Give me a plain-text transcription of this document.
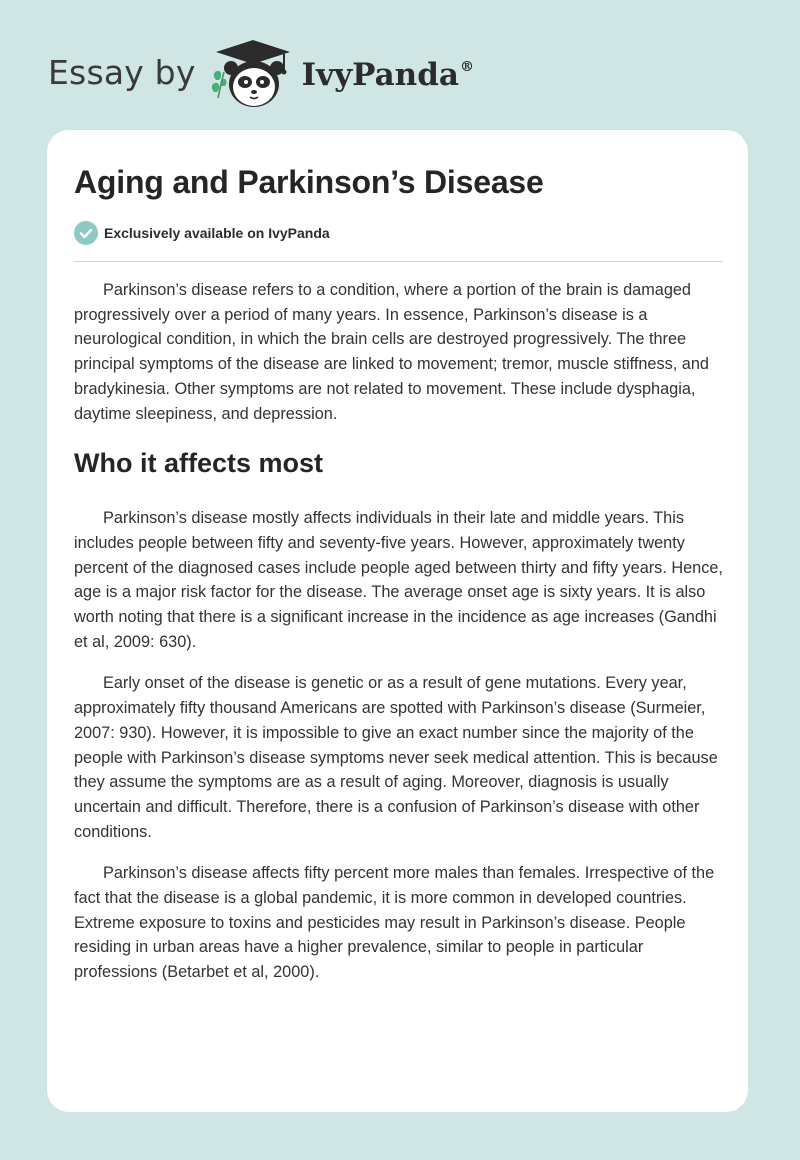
Essay by	IvyPanda®
Aging and Parkinson’s Disease
Exclusively available on IvyPanda

Parkinson’s disease refers to a condition, where a portion of the brain is damaged progressively over a period of many years. In essence, Parkinson’s disease is a neurological condition, in which the brain cells are destroyed progressively. The three principal symptoms of the disease are linked to movement; tremor, muscle stiffness, and bradykinesia. Other symptoms are not related to movement. These include dysphagia, daytime sleepiness, and depression.

Who it affects most

Parkinson’s disease mostly affects individuals in their late and middle years. This includes people between fifty and seventy-five years. However, approximately twenty percent of the diagnosed cases include people aged between thirty and fifty years. Hence, age is a major risk factor for the disease. The average onset age is sixty years. It is also worth noting that there is a significant increase in the incidence as age increases (Gandhi et al, 2009: 630).

Early onset of the disease is genetic or as a result of gene mutations. Every year, approximately fifty thousand Americans are spotted with Parkinson’s disease (Surmeier, 2007: 930). However, it is impossible to give an exact number since the majority of the people with Parkinson’s disease symptoms never seek medical attention. This is because they assume the symptoms are as a result of aging. Moreover, diagnosis is usually uncertain and difficult. Therefore, there is a confusion of Parkinson’s disease with other conditions.

Parkinson’s disease affects fifty percent more males than females. Irrespective of the fact that the disease is a global pandemic, it is more common in developed countries. Extreme exposure to toxins and pesticides may result in Parkinson’s disease. People residing in urban areas have a higher prevalence, similar to people in particular professions (Betarbet et al, 2000).
